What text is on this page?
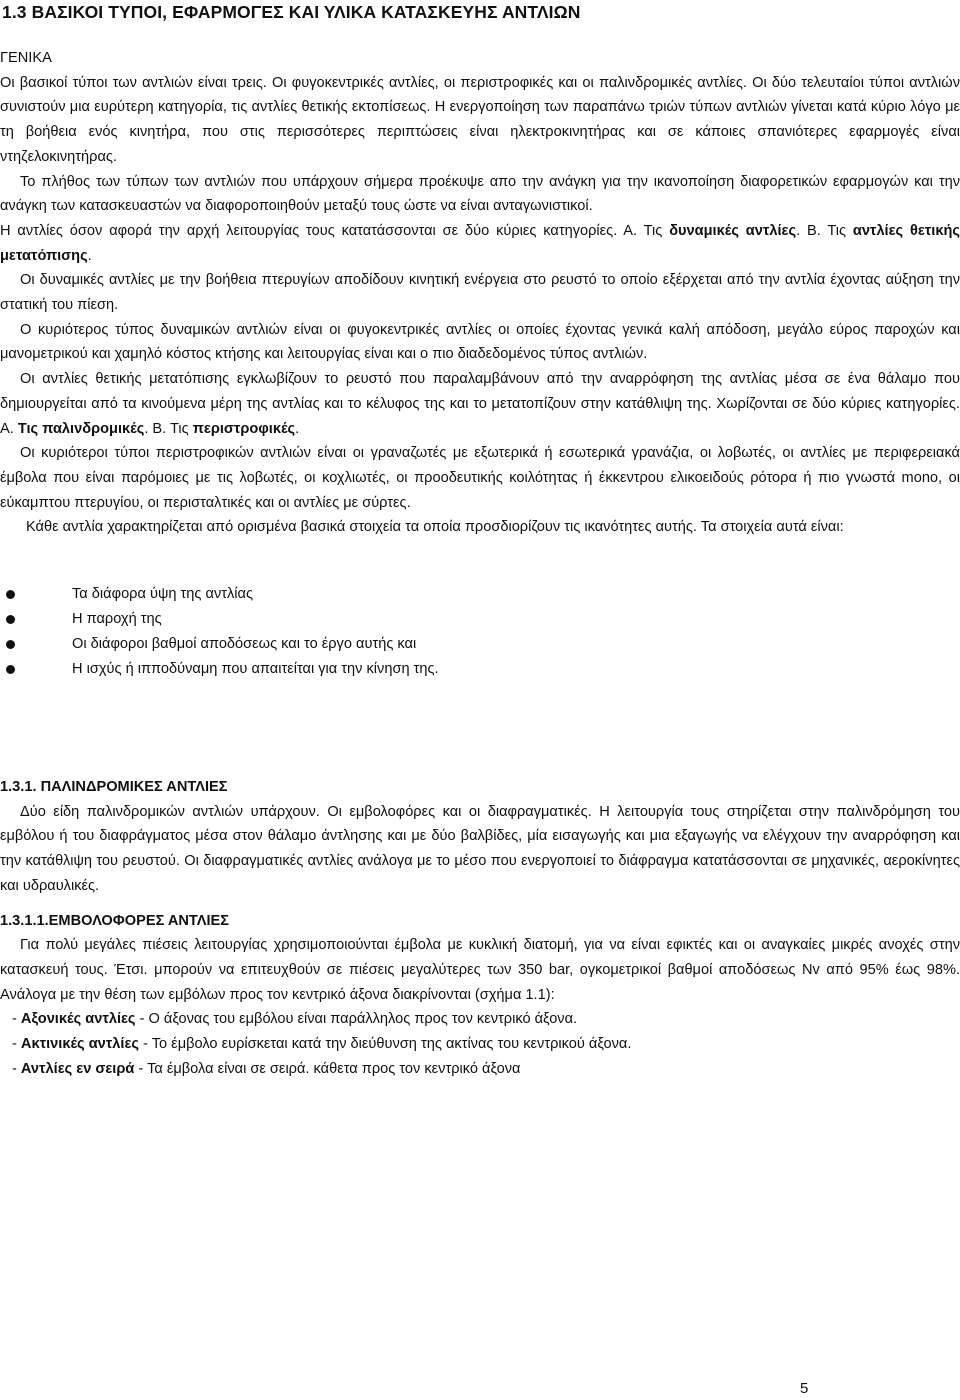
1.3 ΒΑΣΙΚΟΙ ΤΥΠΟΙ, ΕΦΑΡΜΟΓΕΣ ΚΑΙ ΥΛΙΚΑ ΚΑΤΑΣΚΕΥΗΣ ΑΝΤΛΙΩΝ

ΓΕΝΙΚΑ

Οι βασικοί τύποι των αντλιών είναι τρεις. Οι φυγοκεντρικές αντλίες, οι περιστροφικές και οι παλινδρομικές αντλίες. Οι δύο τελευταίοι τύποι αντλιών συνιστούν μια ευρύτερη κατηγορία, τις αντλίες θετικής εκτοπίσεως. Η ενεργοποίηση των παραπάνω τριών τύπων αντλιών γίνεται κατά κύριο λόγο με τη βοήθεια ενός κινητήρα, που στις περισσότερες περιπτώσεις είναι ηλεκτροκινητήρας και σε κάποιες σπανιότερες εφαρμογές είναι ντηζελοκινητήρας.

Το πλήθος των τύπων των αντλιών που υπάρχουν σήμερα προέκυψε απο την ανάγκη για την ικανοποίηση διαφορετικών εφαρμογών και την ανάγκη των κατασκευαστών να διαφοροποιηθούν μεταξύ τους ώστε να είναι ανταγωνιστικοί.

Η αντλίες όσον αφορά την αρχή λειτουργίας τους κατατάσσονται σε δύο κύριες κατηγορίες. Α. Τις δυναμικές αντλίες. Β. Τις αντλίες θετικής μετατόπισης.

Οι δυναμικές αντλίες με την βοήθεια πτερυγίων αποδίδουν κινητική ενέργεια στο ρευστό το οποίο εξέρχεται από την αντλία έχοντας αύξηση την στατική του πίεση.

Ο κυριότερος τύπος δυναμικών αντλιών είναι οι φυγοκεντρικές αντλίες οι οποίες έχοντας γενικά καλή απόδοση, μεγάλο εύρος παροχών και μανομετρικού και χαμηλό κόστος κτήσης και λειτουργίας είναι και ο πιο διαδεδομένος τύπος αντλιών.

Οι αντλίες θετικής μετατόπισης εγκλωβίζουν το ρευστό που παραλαμβάνουν από την αναρρόφηση της αντλίας μέσα σε ένα θάλαμο που δημιουργείται από τα κινούμενα μέρη της αντλίας και το κέλυφος της και το μετατοπίζουν στην κατάθλιψη της. Χωρίζονται σε δύο κύριες κατηγορίες. Α. Τις παλινδρομικές. Β. Τις περιστροφικές.

Οι κυριότεροι τύποι περιστροφικών αντλιών είναι οι γραναζωτές με εξωτερικά ή εσωτερικά γρανάζια, οι λοβωτές, οι αντλίες με περιφερειακά έμβολα που είναι παρόμοιες με τις λοβωτές, οι κοχλιωτές, οι προοδευτικής κοιλότητας ή έκκεντρου ελικοειδούς ρότορα ή πιο γνωστά mono, οι εύκαμπτου πτερυγίου, οι περισταλτικές και οι αντλίες με σύρτες.

Κάθε αντλία χαρακτηρίζεται από ορισμένα βασικά στοιχεία τα οποία προσδιορίζουν τις ικανότητες αυτής. Τα στοιχεία αυτά είναι:

Τα διάφορα ύψη της αντλίας
Η παροχή της
Οι διάφοροι βαθμοί αποδόσεως και το έργο αυτής και
Η ισχύς ή ιπποδύναμη που απαιτείται για την κίνηση της.

1.3.1. ΠΑΛΙΝΔΡΟΜΙΚΕΣ ΑΝΤΛΙΕΣ

Δύο είδη παλινδρομικών αντλιών υπάρχουν. Οι εμβολοφόρες και οι διαφραγματικές. Η λειτουργία τους στηρίζεται στην παλινδρόμηση του εμβόλου ή του διαφράγματος μέσα στον θάλαμο άντλησης και με δύο βαλβίδες, μία εισαγωγής και μια εξαγωγής να ελέγχουν την αναρρόφηση και την κατάθλιψη του ρευστού. Οι διαφραγματικές αντλίες ανάλογα με το μέσο που ενεργοποιεί το διάφραγμα κατατάσσονται σε μηχανικές, αεροκίνητες και υδραυλικές.

1.3.1.1.ΕΜΒΟΛΟΦΟΡΕΣ ΑΝΤΛΙΕΣ

Για πολύ μεγάλες πιέσεις λειτουργίας χρησιμοποιούνται έμβολα με κυκλική διατομή, για να είναι εφικτές και οι αναγκαίες μικρές ανοχές στην κατασκευή τους. Έτσι. μπορούν να επιτευχθούν σε πιέσεις μεγαλύτερες των 350 bar, ογκομετρικοί βαθμοί αποδόσεως Nv από 95% έως 98%. Ανάλογα με την θέση των εμβόλων προς τον κεντρικό άξονα διακρίνονται (σχήμα 1.1):

- Αξονικές αντλίες - Ο άξονας του εμβόλου είναι παράλληλος προς τον κεντρικό άξονα.

- Ακτινικές αντλίες - Το έμβολο ευρίσκεται κατά την διεύθυνση της ακτίνας του κεντρικού άξονα.

- Αντλίες εν σειρά - Τα έμβολα είναι σε σειρά. κάθετα προς τον κεντρικό άξονα

5
